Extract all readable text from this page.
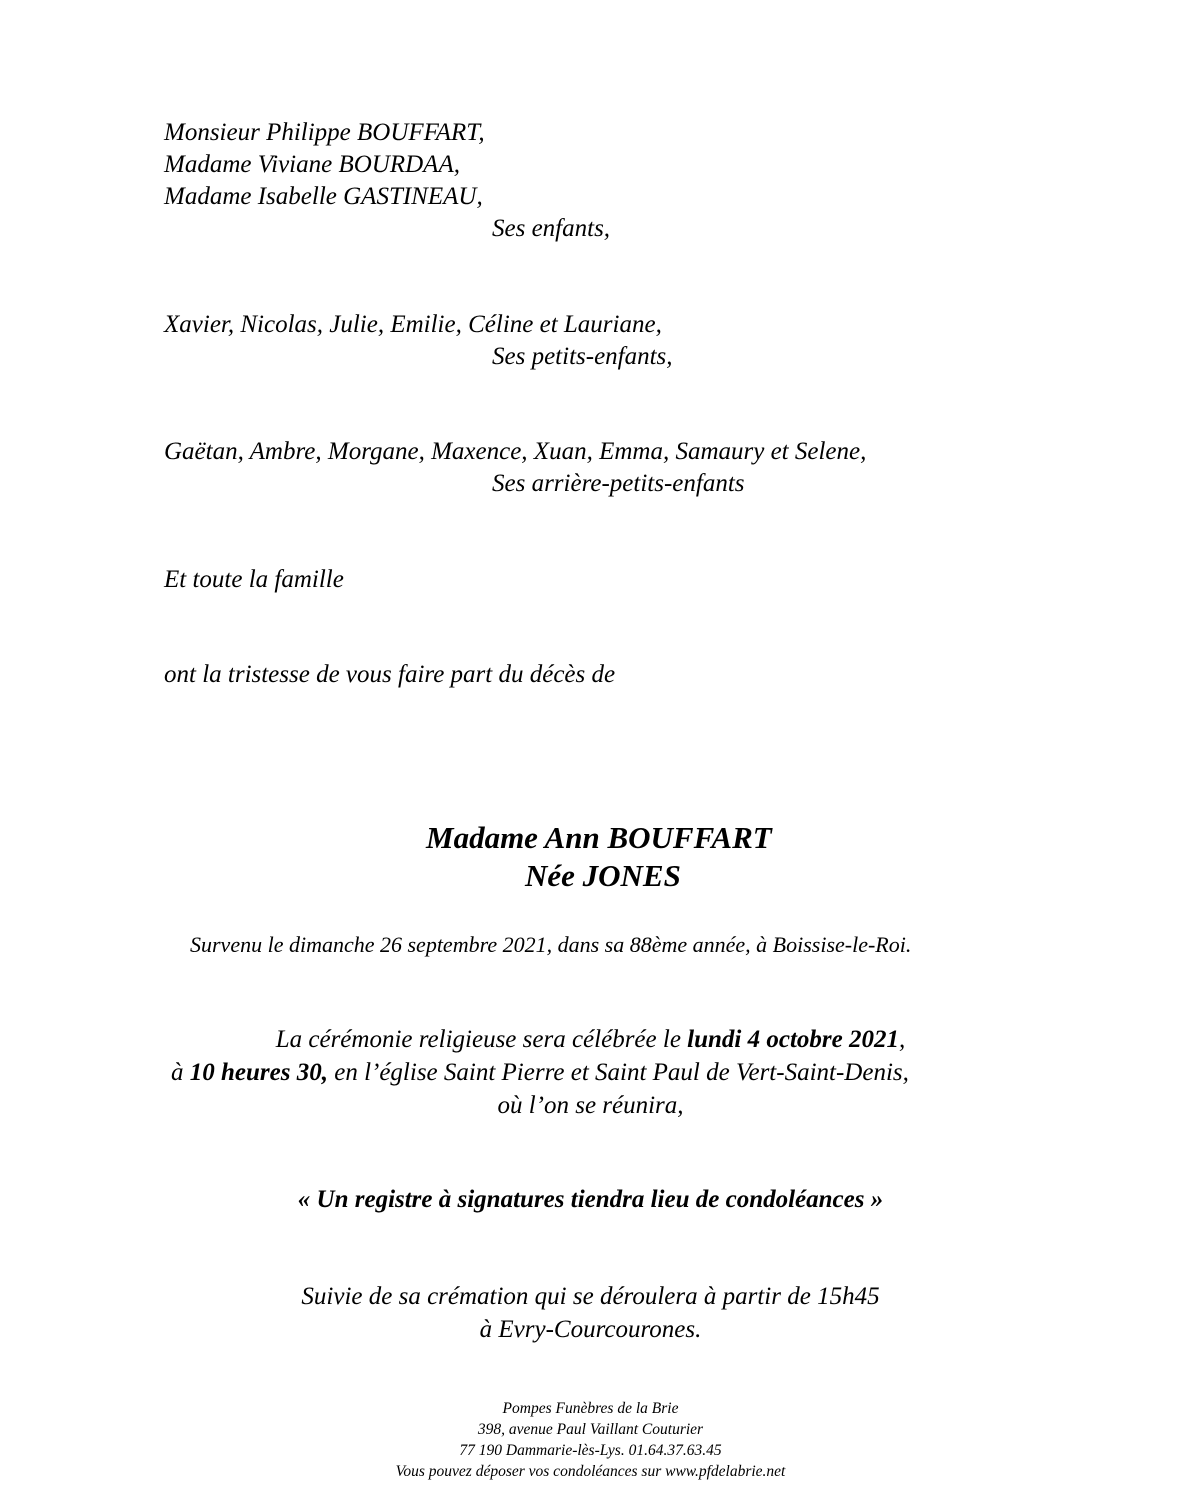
Monsieur Philippe BOUFFART,
Madame Viviane BOURDAA,
Madame Isabelle GASTINEAU,
Ses enfants,
Xavier, Nicolas, Julie, Emilie, Céline et Lauriane,
Ses petits-enfants,
Gaëtan, Ambre, Morgane, Maxence, Xuan, Emma, Samaury et Selene,
Ses arrière-petits-enfants
Et toute la famille
ont la tristesse de vous faire part du décès de
Madame Ann BOUFFART
Née JONES
Survenu le dimanche 26 septembre 2021, dans sa 88ème année, à Boissise-le-Roi.
La cérémonie religieuse sera célébrée le lundi 4 octobre 2021,
à 10 heures 30, en l’église Saint Pierre et Saint Paul de Vert-Saint-Denis,
où l’on se réunira,
« Un registre à signatures tiendra lieu de condoléances »
Suivie de sa crémation qui se déroulera à partir de 15h45
à Evry-Courcourones.
Pompes Funèbres de la Brie
398, avenue Paul Vaillant Couturier
77 190 Dammarie-lès-Lys. 01.64.37.63.45
Vous pouvez déposer vos condoléances sur www.pfdelabrie.net
